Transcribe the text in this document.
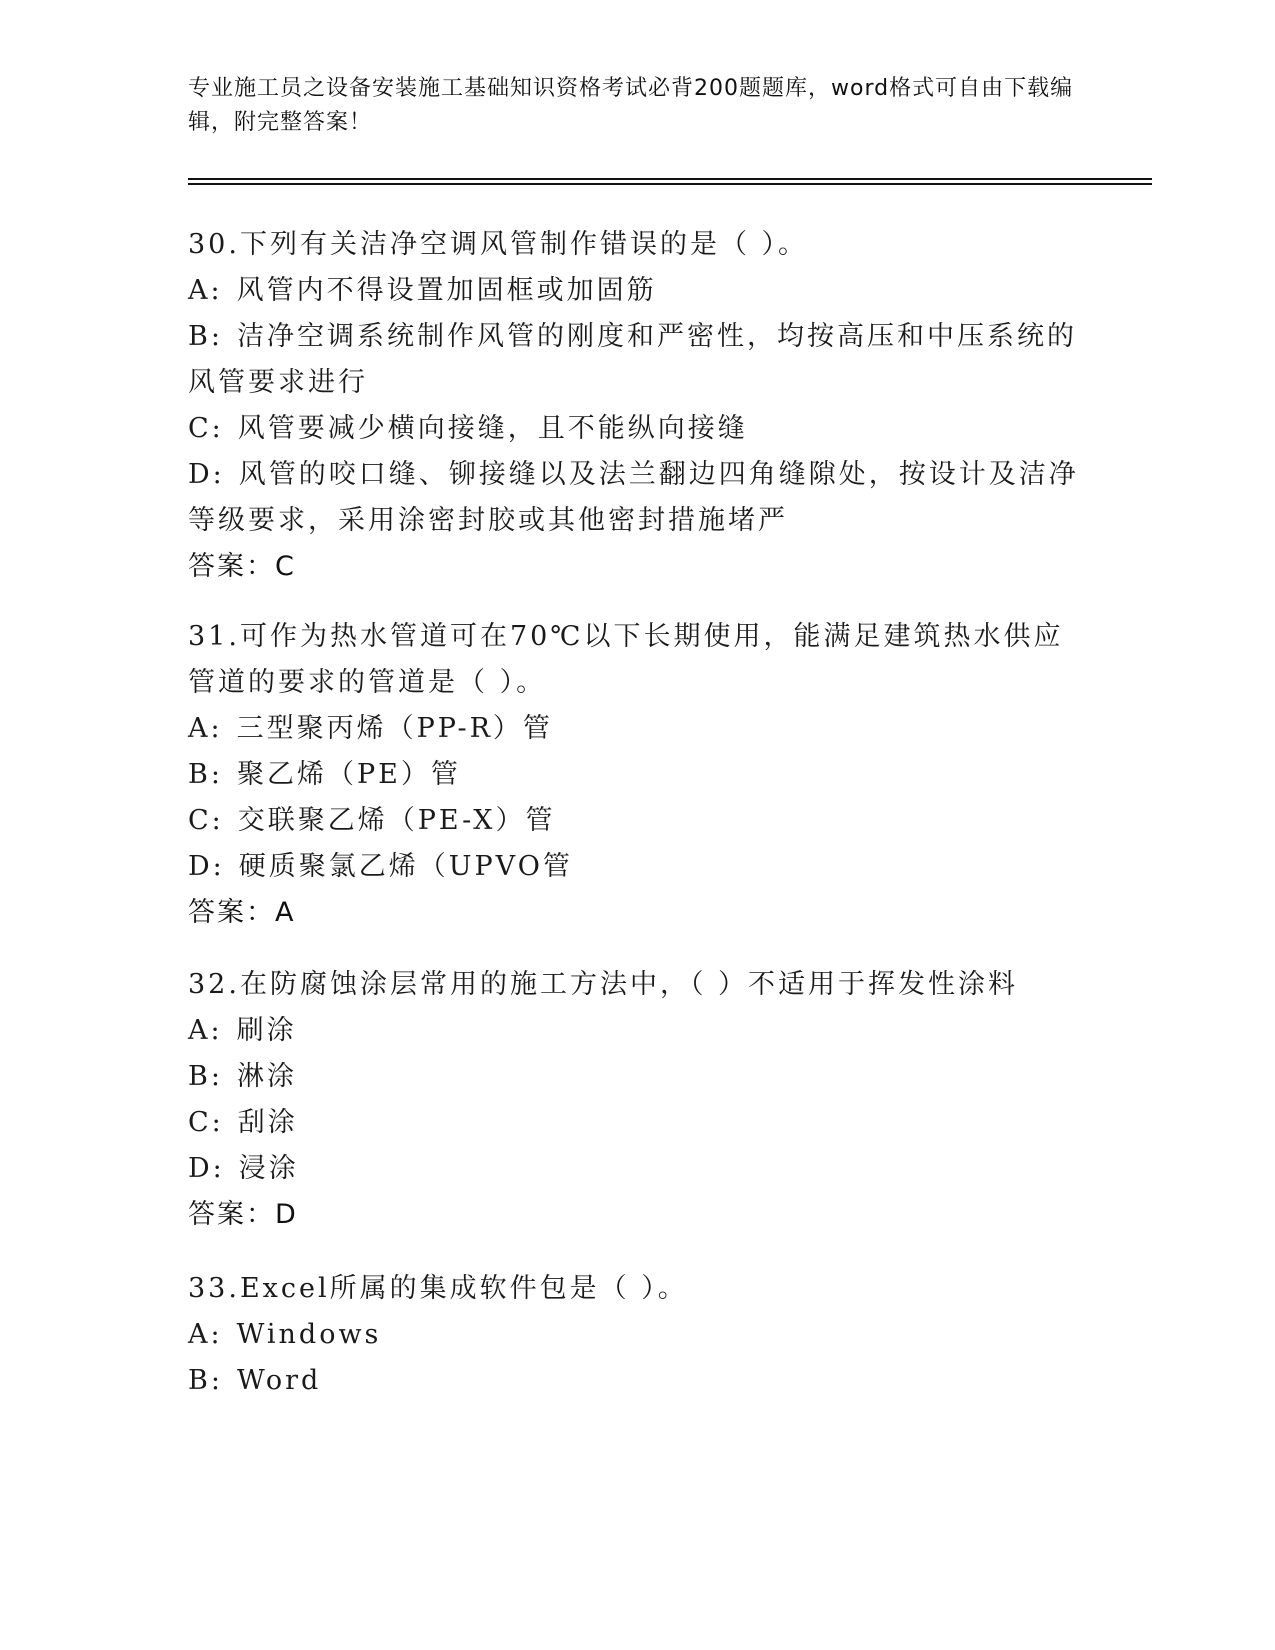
专业施工员之设备安装施工基础知识资格考试必背200题题库，word格式可自由下载编辑，附完整答案！
30.下列有关洁净空调风管制作错误的是（ ）。
A: 风管内不得设置加固框或加固筋
B: 洁净空调系统制作风管的刚度和严密性，均按高压和中压系统的风管要求进行
C: 风管要减少横向接缝，且不能纵向接缝
D: 风管的咬口缝、铆接缝以及法兰翻边四角缝隙处，按设计及洁净等级要求，采用涂密封胶或其他密封措施堵严
答案：C
31.可作为热水管道可在70℃以下长期使用，能满足建筑热水供应管道的要求的管道是（ ）。
A: 三型聚丙烯（PP-R）管
B: 聚乙烯（PE）管
C: 交联聚乙烯（PE-X）管
D: 硬质聚氯乙烯（UPVO管
答案：A
32.在防腐蚀涂层常用的施工方法中，（ ）不适用于挥发性涂料
A: 刷涂
B: 淋涂
C: 刮涂
D: 浸涂
答案：D
33.Excel所属的集成软件包是（ ）。
A: Windows
B: Word
